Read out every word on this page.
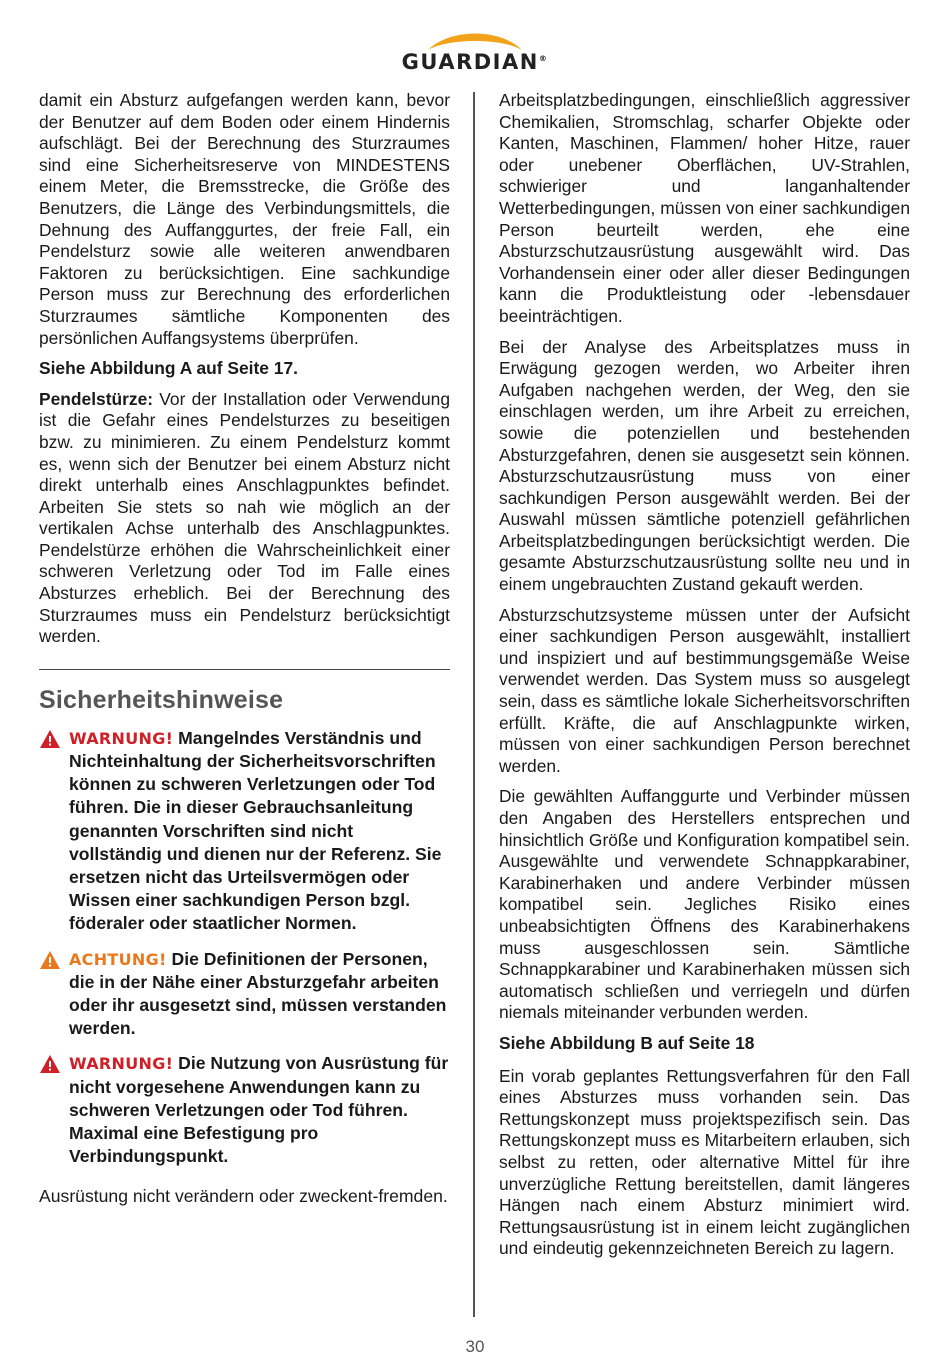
GUARDIAN®

damit ein Absturz aufgefangen werden kann, bevor der Benutzer auf dem Boden oder einem Hindernis aufschlägt. Bei der Berechnung des Sturzraumes sind eine Sicherheitsreserve von MINDESTENS einem Meter, die Bremsstrecke, die Größe des Benutzers, die Länge des Verbindungsmittels, die Dehnung des Auffanggurtes, der freie Fall, ein Pendelsturz sowie alle weiteren anwendbaren Faktoren zu berücksichtigen. Eine sachkundige Person muss zur Berechnung des erforderlichen Sturzraumes sämtliche Komponenten des persönlichen Auffangsystems überprüfen.

Siehe Abbildung A auf Seite 17.

Pendelstürze: Vor der Installation oder Verwendung ist die Gefahr eines Pendelsturzes zu beseitigen bzw. zu minimieren. Zu einem Pendelsturz kommt es, wenn sich der Benutzer bei einem Absturz nicht direkt unterhalb eines Anschlagpunktes befindet. Arbeiten Sie stets so nah wie möglich an der vertikalen Achse unterhalb des Anschlagpunktes. Pendelstürze erhöhen die Wahrscheinlichkeit einer schweren Verletzung oder Tod im Falle eines Absturzes erheblich. Bei der Berechnung des Sturzraumes muss ein Pendelsturz berücksichtigt werden.

Sicherheitshinweise
WARNUNG! Mangelndes Verständnis und Nichteinhaltung der Sicherheitsvorschriften können zu schweren Verletzungen oder Tod führen. Die in dieser Gebrauchsanleitung genannten Vorschriften sind nicht vollständig und dienen nur der Referenz. Sie ersetzen nicht das Urteilsvermögen oder Wissen einer sachkundigen Person bzgl. föderaler oder staatlicher Normen.
ACHTUNG! Die Definitionen der Personen, die in der Nähe einer Absturzgefahr arbeiten oder ihr ausgesetzt sind, müssen verstanden werden.
WARNUNG! Die Nutzung von Ausrüstung für nicht vorgesehene Anwendungen kann zu schweren Verletzungen oder Tod führen. Maximal eine Befestigung pro Verbindungspunkt.

Ausrüstung nicht verändern oder zweckent-fremden.

Arbeitsplatzbedingungen, einschließlich aggressiver Chemikalien, Stromschlag, scharfer Objekte oder Kanten, Maschinen, Flammen/ hoher Hitze, rauer oder unebener Oberflächen, UV-Strahlen, schwieriger und langanhaltender Wetterbedingungen, müssen von einer sachkundigen Person beurteilt werden, ehe eine Absturzschutzausrüstung ausgewählt wird. Das Vorhandensein einer oder aller dieser Bedingungen kann die Produktleistung oder -lebensdauer beeinträchtigen.

Bei der Analyse des Arbeitsplatzes muss in Erwägung gezogen werden, wo Arbeiter ihren Aufgaben nachgehen werden, der Weg, den sie einschlagen werden, um ihre Arbeit zu erreichen, sowie die potenziellen und bestehenden Absturzgefahren, denen sie ausgesetzt sein können. Absturzschutzausrüstung muss von einer sachkundigen Person ausgewählt werden. Bei der Auswahl müssen sämtliche potenziell gefährlichen Arbeitsplatzbedingungen berücksichtigt werden. Die gesamte Absturzschutzausrüstung sollte neu und in einem ungebrauchten Zustand gekauft werden.

Absturzschutzsysteme müssen unter der Aufsicht einer sachkundigen Person ausgewählt, installiert und inspiziert und auf bestimmungsgemäße Weise verwendet werden. Das System muss so ausgelegt sein, dass es sämtliche lokale Sicherheitsvorschriften erfüllt. Kräfte, die auf Anschlagpunkte wirken, müssen von einer sachkundigen Person berechnet werden.

Die gewählten Auffanggurte und Verbinder müssen den Angaben des Herstellers entsprechen und hinsichtlich Größe und Konfiguration kompatibel sein. Ausgewählte und verwendete Schnappkarabiner, Karabinerhaken und andere Verbinder müssen kompatibel sein. Jegliches Risiko eines unbeabsichtigten Öffnens des Karabinerhakens muss ausgeschlossen sein. Sämtliche Schnappkarabiner und Karabinerhaken müssen sich automatisch schließen und verriegeln und dürfen niemals miteinander verbunden werden.

Siehe Abbildung B auf Seite 18

Ein vorab geplantes Rettungsverfahren für den Fall eines Absturzes muss vorhanden sein. Das Rettungskonzept muss projektspezifisch sein. Das Rettungskonzept muss es Mitarbeitern erlauben, sich selbst zu retten, oder alternative Mittel für ihre unverzügliche Rettung bereitstellen, damit längeres Hängen nach einem Absturz minimiert wird. Rettungsausrüstung ist in einem leicht zugänglichen und eindeutig gekennzeichneten Bereich zu lagern.

30
